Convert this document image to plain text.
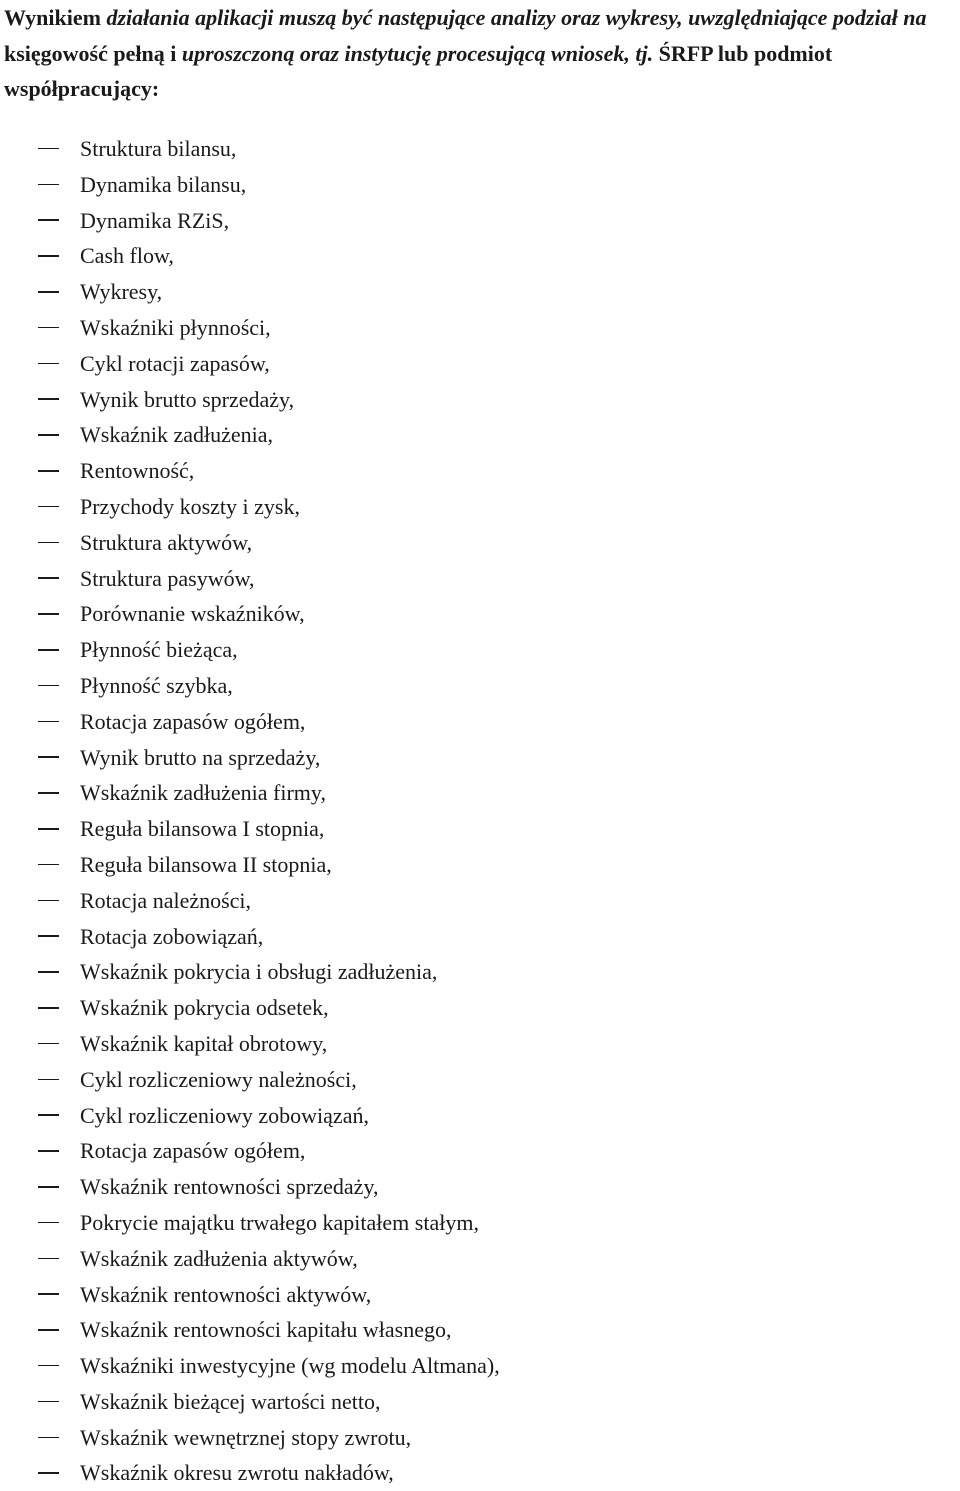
Wynikiem działania aplikacji muszą być następujące analizy oraz wykresy, uwzględniające podział na księgowość pełną i uproszczoną oraz instytucję procesującą wniosek, tj. ŚRFP lub podmiot współpracujący:

Struktura bilansu,
Dynamika bilansu,
Dynamika RZiS,
Cash flow,
Wykresy,
Wskaźniki płynności,
Cykl rotacji zapasów,
Wynik brutto sprzedaży,
Wskaźnik zadłużenia,
Rentowność,
Przychody koszty i zysk,
Struktura aktywów,
Struktura pasywów,
Porównanie wskaźników,
Płynność bieżąca,
Płynność szybka,
Rotacja zapasów ogółem,
Wynik brutto na sprzedaży,
Wskaźnik zadłużenia firmy,
Reguła bilansowa I stopnia,
Reguła bilansowa II stopnia,
Rotacja należności,
Rotacja zobowiązań,
Wskaźnik pokrycia i obsługi zadłużenia,
Wskaźnik pokrycia odsetek,
Wskaźnik kapitał obrotowy,
Cykl rozliczeniowy należności,
Cykl rozliczeniowy zobowiązań,
Rotacja zapasów ogółem,
Wskaźnik rentowności sprzedaży,
Pokrycie majątku trwałego kapitałem stałym,
Wskaźnik zadłużenia aktywów,
Wskaźnik rentowności aktywów,
Wskaźnik rentowności kapitału własnego,
Wskaźniki inwestycyjne (wg modelu Altmana),
Wskaźnik bieżącej wartości netto,
Wskaźnik wewnętrznej stopy zwrotu,
Wskaźnik okresu zwrotu nakładów,
